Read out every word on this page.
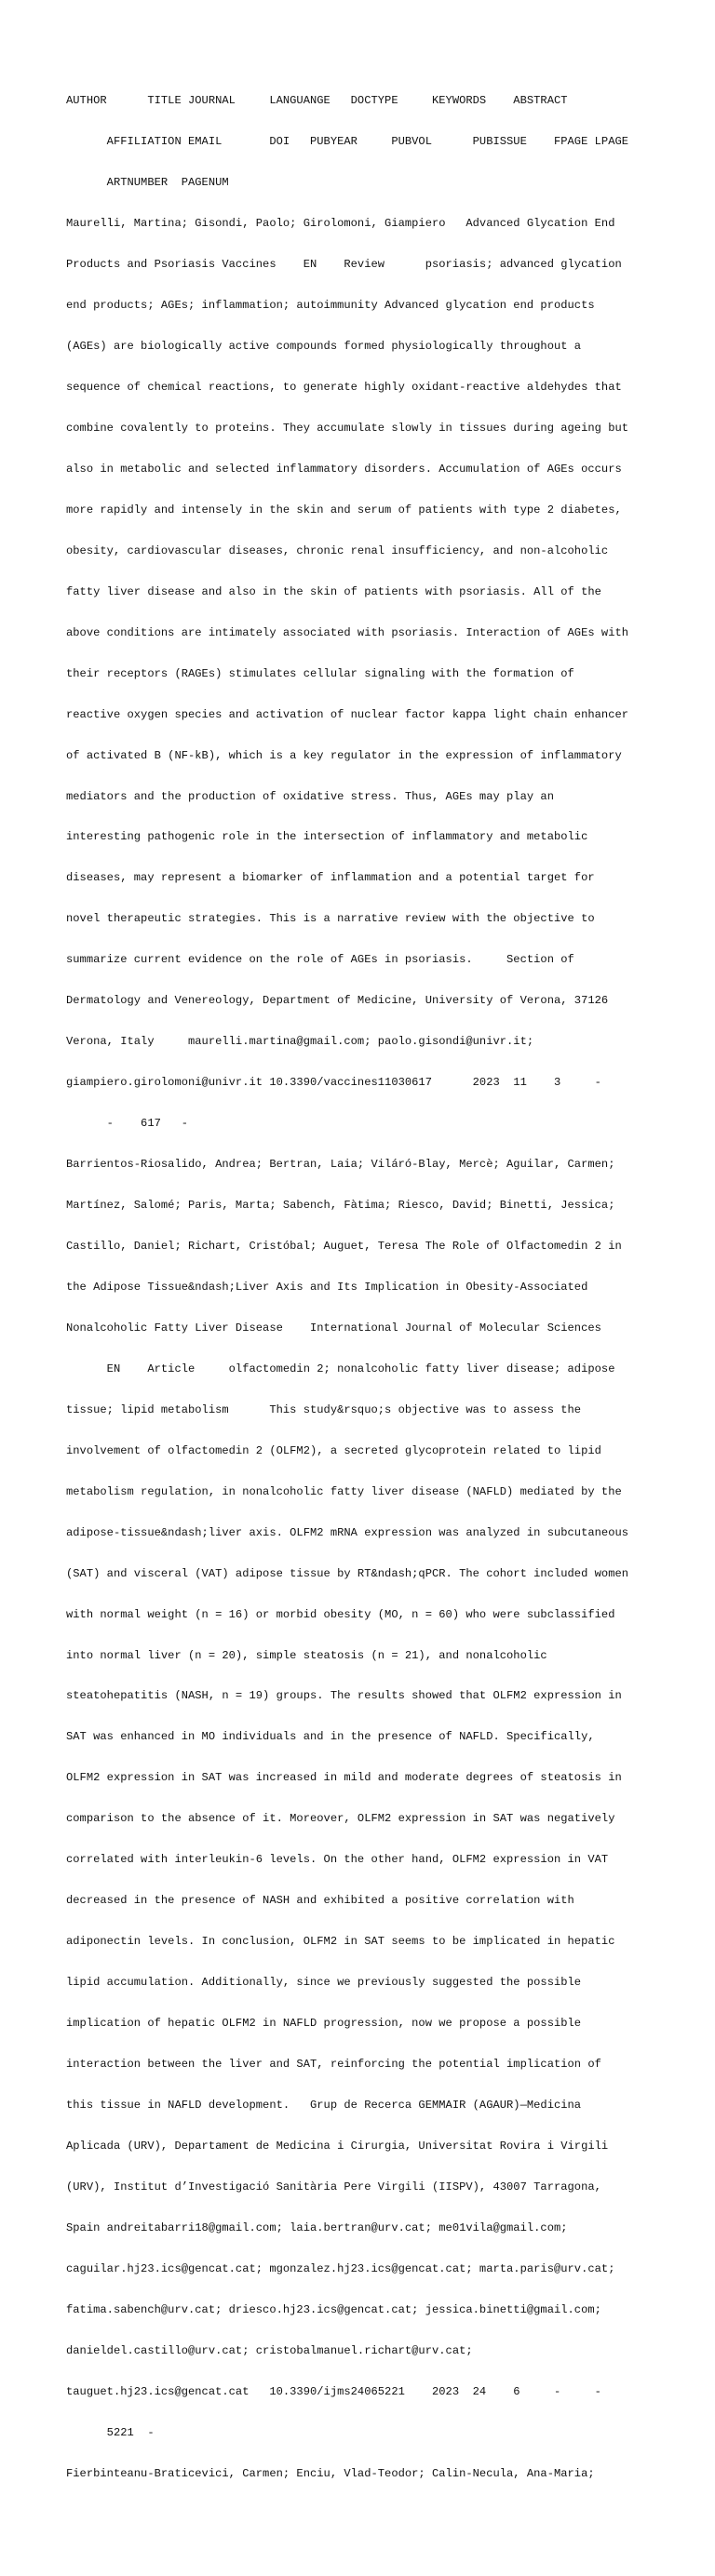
AUTHOR      TITLE JOURNAL     LANGUANGE   DOCTYPE     KEYWORDS    ABSTRACT

AFFILIATION EMAIL       DOI   PUBYEAR     PUBVOL      PUBISSUE    FPAGE LPAGE

ARTNUMBER  PAGENUM

Maurelli, Martina; Gisondi, Paolo; Girolomoni, Giampiero   Advanced Glycation End

Products and Psoriasis Vaccines    EN    Review      psoriasis; advanced glycation

end products; AGEs; inflammation; autoimmunity Advanced glycation end products

(AGEs) are biologically active compounds formed physiologically throughout a

sequence of chemical reactions, to generate highly oxidant-reactive aldehydes that

combine covalently to proteins. They accumulate slowly in tissues during ageing but

also in metabolic and selected inflammatory disorders. Accumulation of AGEs occurs

more rapidly and intensely in the skin and serum of patients with type 2 diabetes,

obesity, cardiovascular diseases, chronic renal insufficiency, and non-alcoholic

fatty liver disease and also in the skin of patients with psoriasis. All of the

above conditions are intimately associated with psoriasis. Interaction of AGEs with

their receptors (RAGEs) stimulates cellular signaling with the formation of

reactive oxygen species and activation of nuclear factor kappa light chain enhancer

of activated B (NF-kB), which is a key regulator in the expression of inflammatory

mediators and the production of oxidative stress. Thus, AGEs may play an

interesting pathogenic role in the intersection of inflammatory and metabolic

diseases, may represent a biomarker of inflammation and a potential target for

novel therapeutic strategies. This is a narrative review with the objective to

summarize current evidence on the role of AGEs in psoriasis.     Section of

Dermatology and Venereology, Department of Medicine, University of Verona, 37126

Verona, Italy     maurelli.martina@gmail.com; paolo.gisondi@univr.it;

giampiero.girolomoni@univr.it 10.3390/vaccines11030617      2023  11    3     -

-    617   -

Barrientos-Riosalido, Andrea; Bertran, Laia; Viláró-Blay, Mercè; Aguilar, Carmen;

Martínez, Salomé; Paris, Marta; Sabench, Fàtima; Riesco, David; Binetti, Jessica;

Castillo, Daniel; Richart, Cristóbal; Auguet, Teresa The Role of Olfactomedin 2 in

the Adipose Tissue&ndash;Liver Axis and Its Implication in Obesity-Associated

Nonalcoholic Fatty Liver Disease    International Journal of Molecular Sciences

EN    Article     olfactomedin 2; nonalcoholic fatty liver disease; adipose

tissue; lipid metabolism      This study&rsquo;s objective was to assess the

involvement of olfactomedin 2 (OLFM2), a secreted glycoprotein related to lipid

metabolism regulation, in nonalcoholic fatty liver disease (NAFLD) mediated by the

adipose-tissue&ndash;liver axis. OLFM2 mRNA expression was analyzed in subcutaneous

(SAT) and visceral (VAT) adipose tissue by RT&ndash;qPCR. The cohort included women

with normal weight (n = 16) or morbid obesity (MO, n = 60) who were subclassified

into normal liver (n = 20), simple steatosis (n = 21), and nonalcoholic

steatohepatitis (NASH, n = 19) groups. The results showed that OLFM2 expression in

SAT was enhanced in MO individuals and in the presence of NAFLD. Specifically,

OLFM2 expression in SAT was increased in mild and moderate degrees of steatosis in

comparison to the absence of it. Moreover, OLFM2 expression in SAT was negatively

correlated with interleukin-6 levels. On the other hand, OLFM2 expression in VAT

decreased in the presence of NASH and exhibited a positive correlation with

adiponectin levels. In conclusion, OLFM2 in SAT seems to be implicated in hepatic

lipid accumulation. Additionally, since we previously suggested the possible

implication of hepatic OLFM2 in NAFLD progression, now we propose a possible

interaction between the liver and SAT, reinforcing the potential implication of

this tissue in NAFLD development.   Grup de Recerca GEMMAIR (AGAUR)—Medicina

Aplicada (URV), Departament de Medicina i Cirurgia, Universitat Rovira i Virgili

(URV), Institut d’Investigació Sanitària Pere Virgili (IISPV), 43007 Tarragona,

Spain andreitabarri18@gmail.com; laia.bertran@urv.cat; me01vila@gmail.com;

caguilar.hj23.ics@gencat.cat; mgonzalez.hj23.ics@gencat.cat; marta.paris@urv.cat;

fatima.sabench@urv.cat; driesco.hj23.ics@gencat.cat; jessica.binetti@gmail.com;

danieldel.castillo@urv.cat; cristobalmanuel.richart@urv.cat;

tauguet.hj23.ics@gencat.cat   10.3390/ijms24065221    2023  24    6     -     -

5221  -

Fierbinteanu-Braticevici, Carmen; Enciu, Vlad-Teodor; Calin-Necula, Ana-Maria;
